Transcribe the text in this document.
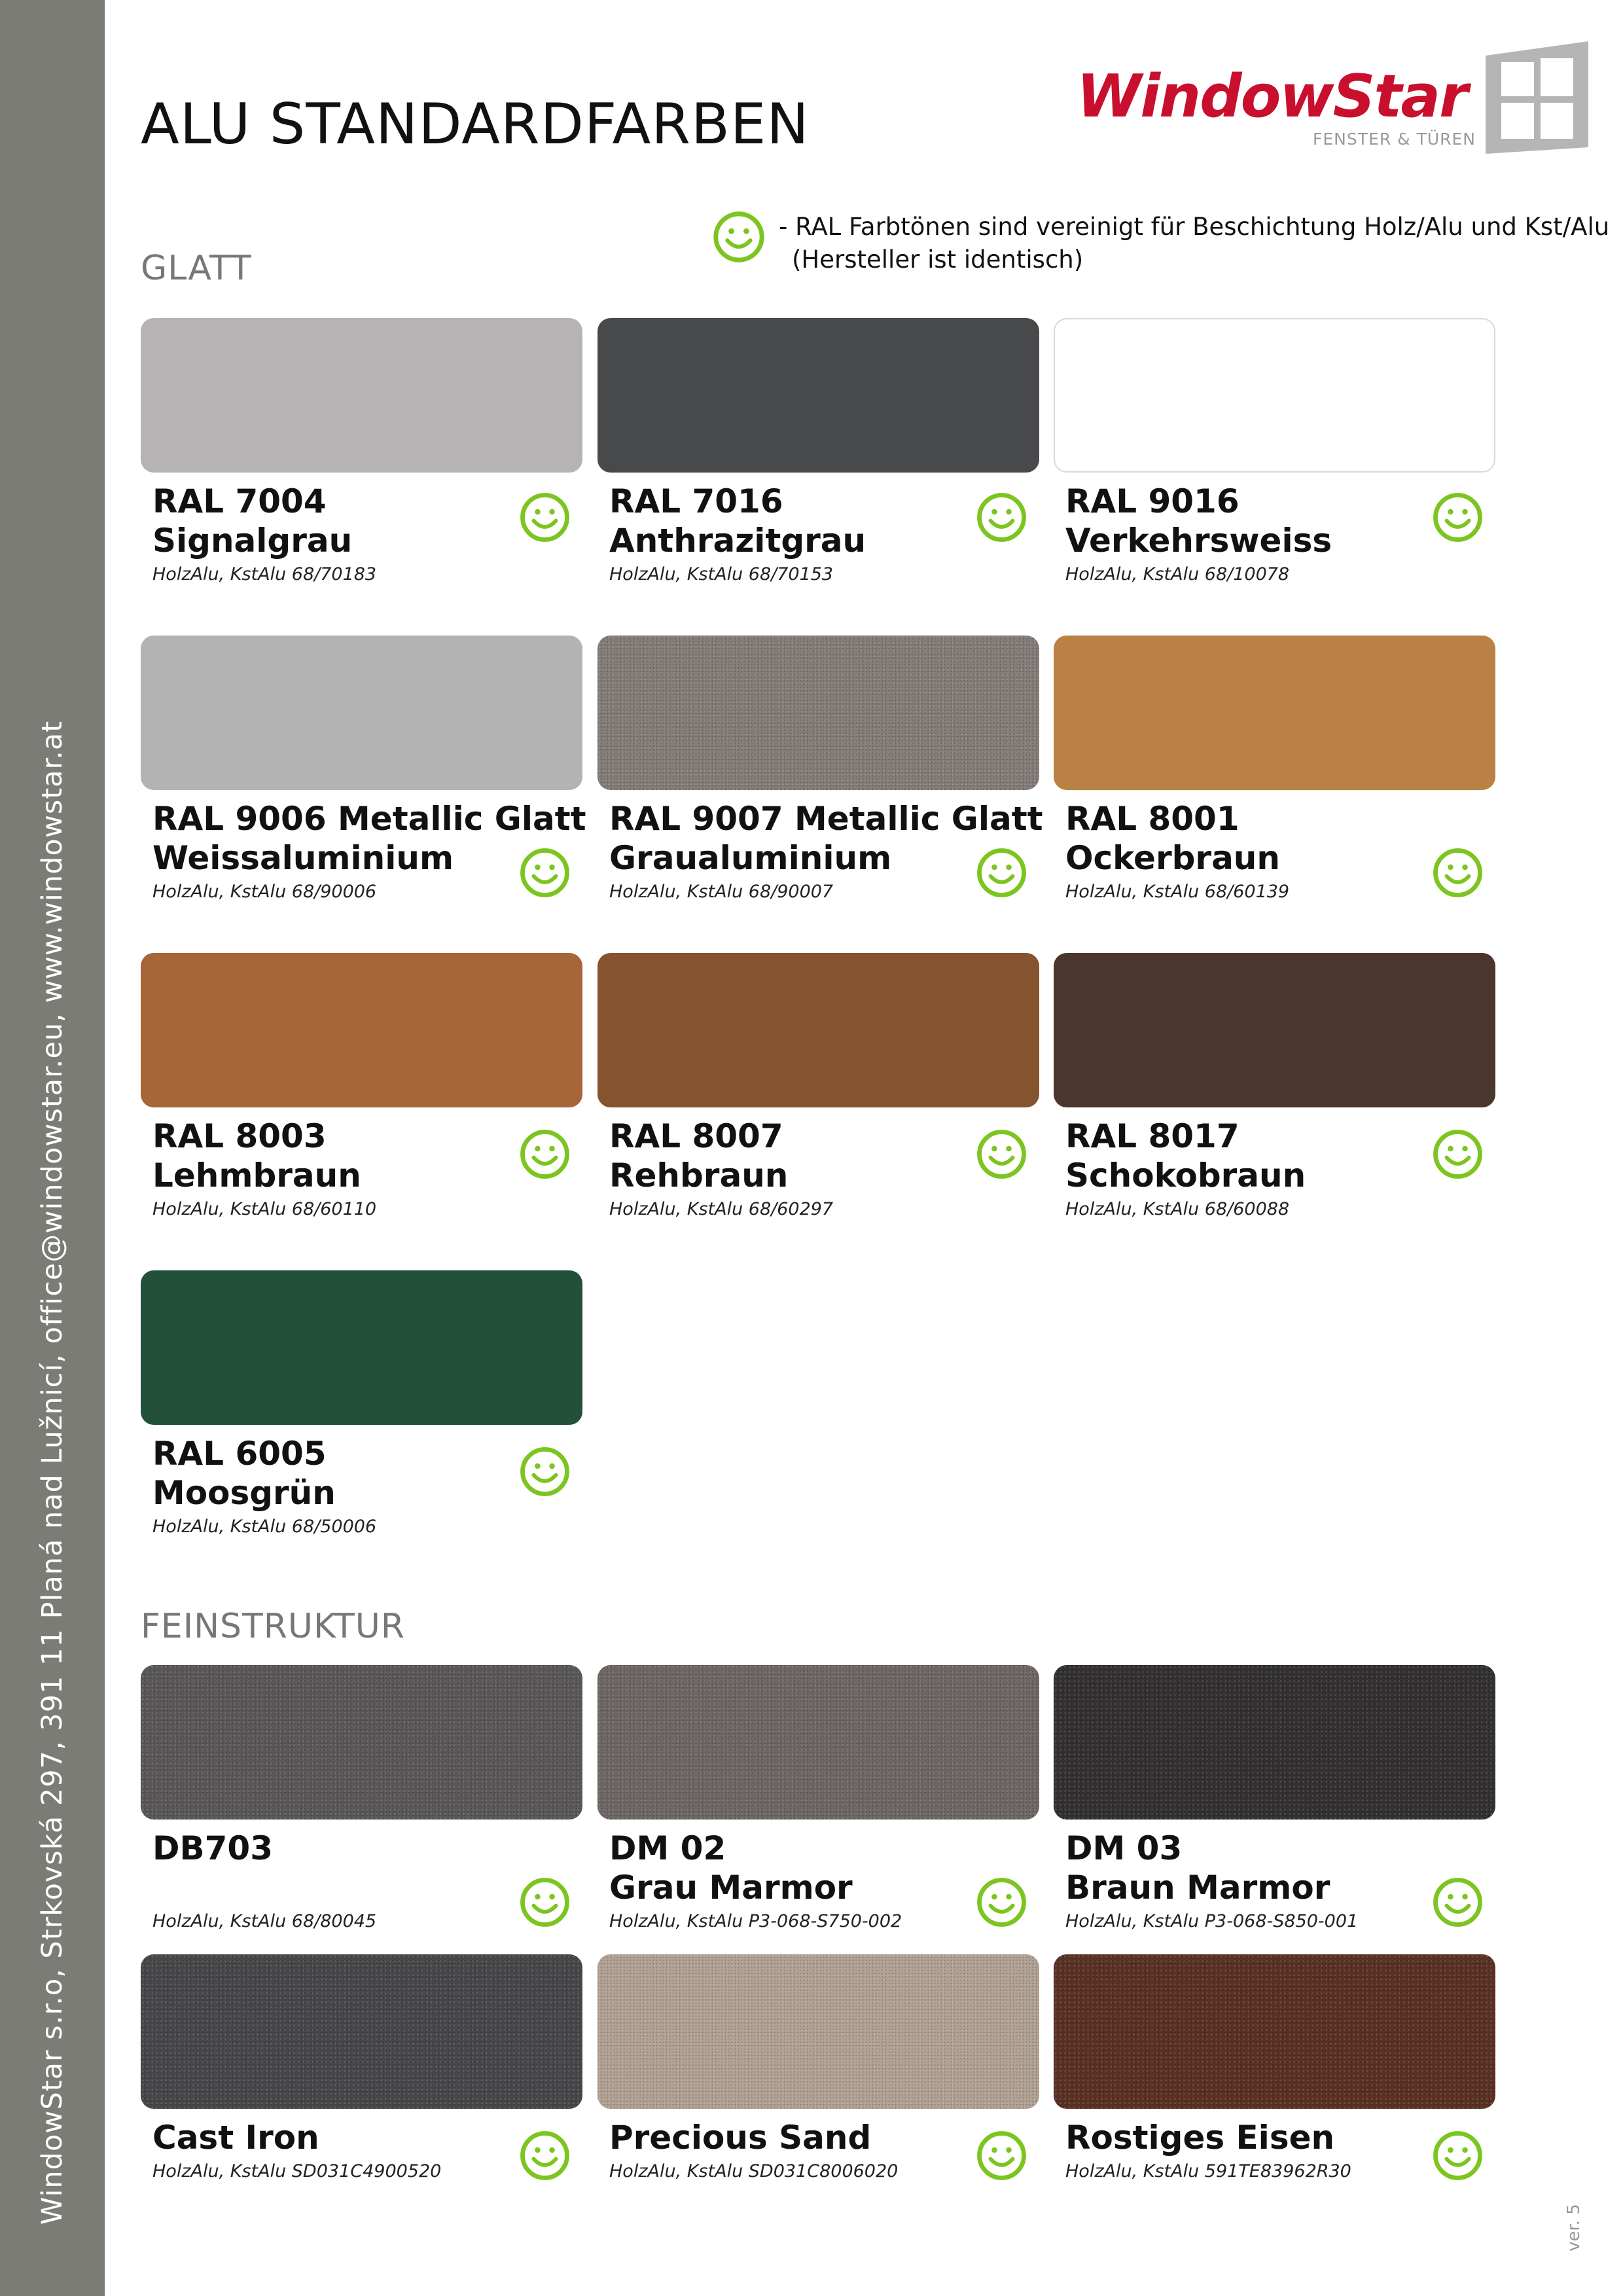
WindowStar s.r.o, Strkovská 297, 391 11 Planá nad Lužnicí, office@windowstar.eu, www.windowstar.at
ALU STANDARDFARBEN	WindowStar
FENSTER & TÜREN
- RAL Farbtönen sind vereinigt für Beschichtung Holz/Alu und Kst/Alu
(Hersteller ist identisch)
GLATT
FEINSTRUKTUR
RAL 7004
Signalgrau
HolzAlu, KstAlu 68/70183
RAL 7016
Anthrazitgrau
HolzAlu, KstAlu 68/70153
RAL 9016
Verkehrsweiss
HolzAlu, KstAlu 68/10078
RAL 9006 Metallic Glatt
Weissaluminium
HolzAlu, KstAlu 68/90006
RAL 9007 Metallic Glatt
Graualuminium
HolzAlu, KstAlu 68/90007
RAL 8001
Ockerbraun
HolzAlu, KstAlu 68/60139
RAL 8003
Lehmbraun
HolzAlu, KstAlu 68/60110
RAL 8007
Rehbraun
HolzAlu, KstAlu 68/60297
RAL 8017
Schokobraun
HolzAlu, KstAlu 68/60088
RAL 6005
Moosgrün
HolzAlu, KstAlu 68/50006
DB703
HolzAlu, KstAlu 68/80045
DM 02
Grau Marmor
HolzAlu, KstAlu P3-068-S750-002
DM 03
Braun Marmor
HolzAlu, KstAlu P3-068-S850-001
Cast Iron
HolzAlu, KstAlu SD031C4900520
Precious Sand
HolzAlu, KstAlu SD031C8006020
Rostiges Eisen
HolzAlu, KstAlu 591TE83962R30
ver. 5
